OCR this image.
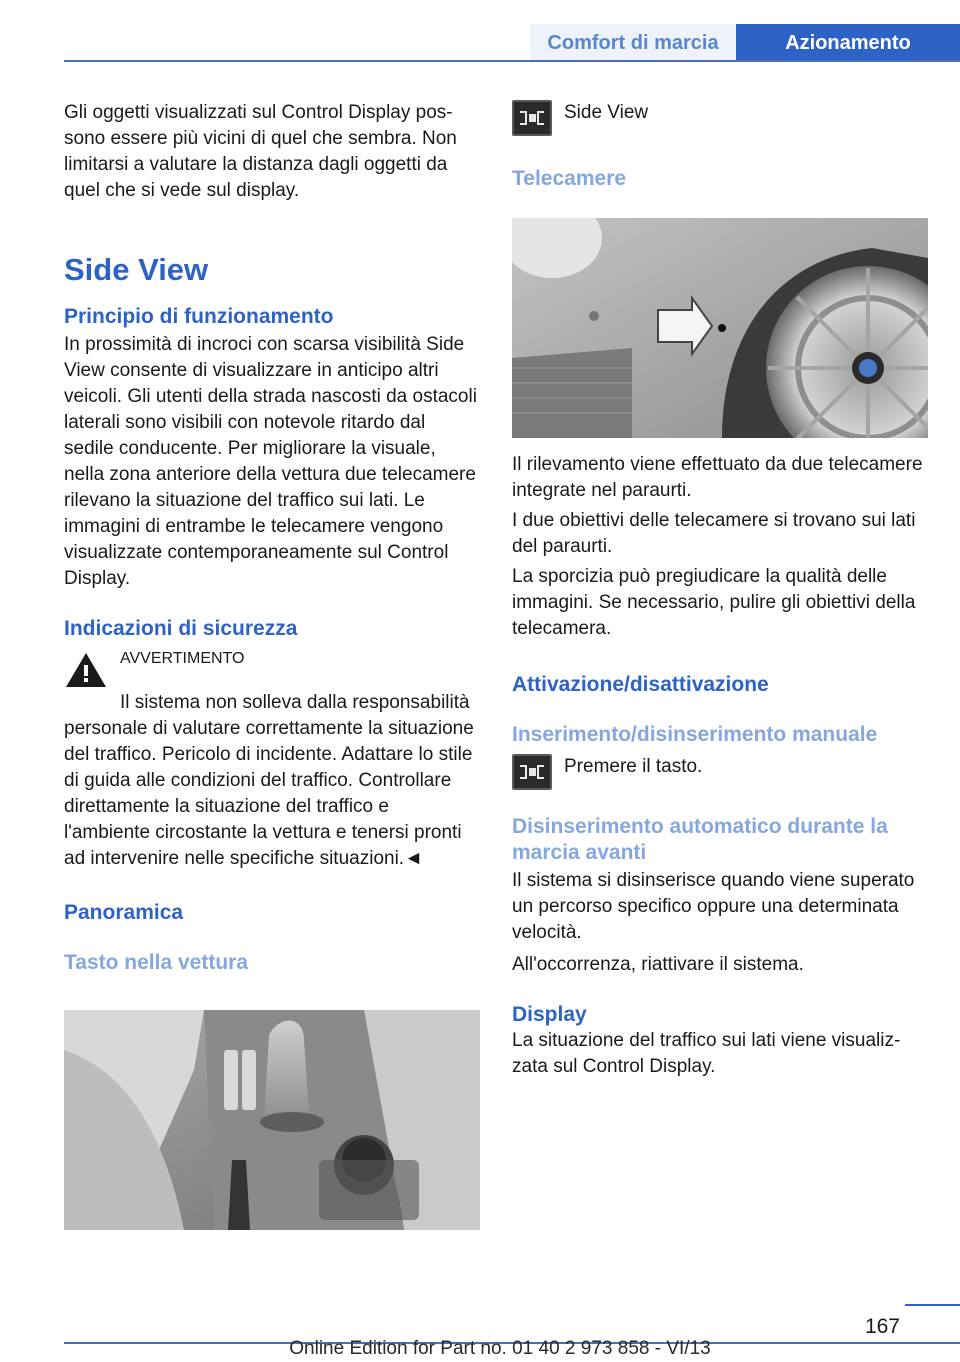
Comfort di marcia	Azionamento

Gli oggetti visualizzati sul Control Display possono essere più vicini di quel che sembra. Non limitarsi a valutare la distanza dagli oggetti da quel che si vede sul display.

Side View
Principio di funzionamento

In prossimità di incroci con scarsa visibilità Side View consente di visualizzare in anticipo altri veicoli. Gli utenti della strada nascosti da ostacoli laterali sono visibili con notevole ritardo dal sedile conducente. Per migliorare la visuale, nella zona anteriore della vettura due telecamere rilevano la situazione del traffico sui lati. Le immagini di entrambe le telecamere vengono visualizzate contemporaneamente sul Control Display.

Indicazioni di sicurezza
AVVERTIMENTO

Il sistema non solleva dalla responsabilità personale di valutare correttamente la situazione del traffico. Pericolo di incidente. Adattare lo stile di guida alle condizioni del traffico. Controllare direttamente la situazione del traffico e l'ambiente circostante la vettura e tenersi pronti ad intervenire nelle specifiche situazioni.◄

Panoramica
Tasto nella vettura
Side View
Telecamere

Il rilevamento viene effettuato da due telecamere integrate nel paraurti.

I due obiettivi delle telecamere si trovano sui lati del paraurti.

La sporcizia può pregiudicare la qualità delle immagini. Se necessario, pulire gli obiettivi della telecamera.

Attivazione/disattivazione
Inserimento/disinserimento manuale
Premere il tasto.
Disinserimento automatico durante la marcia avanti

Il sistema si disinserisce quando viene superato un percorso specifico oppure una determinata velocità.

All'occorrenza, riattivare il sistema.

Display

La situazione del traffico sui lati viene visualizzata sul Control Display.

167
Online Edition for Part no. 01 40 2 973 858 - VI/13
